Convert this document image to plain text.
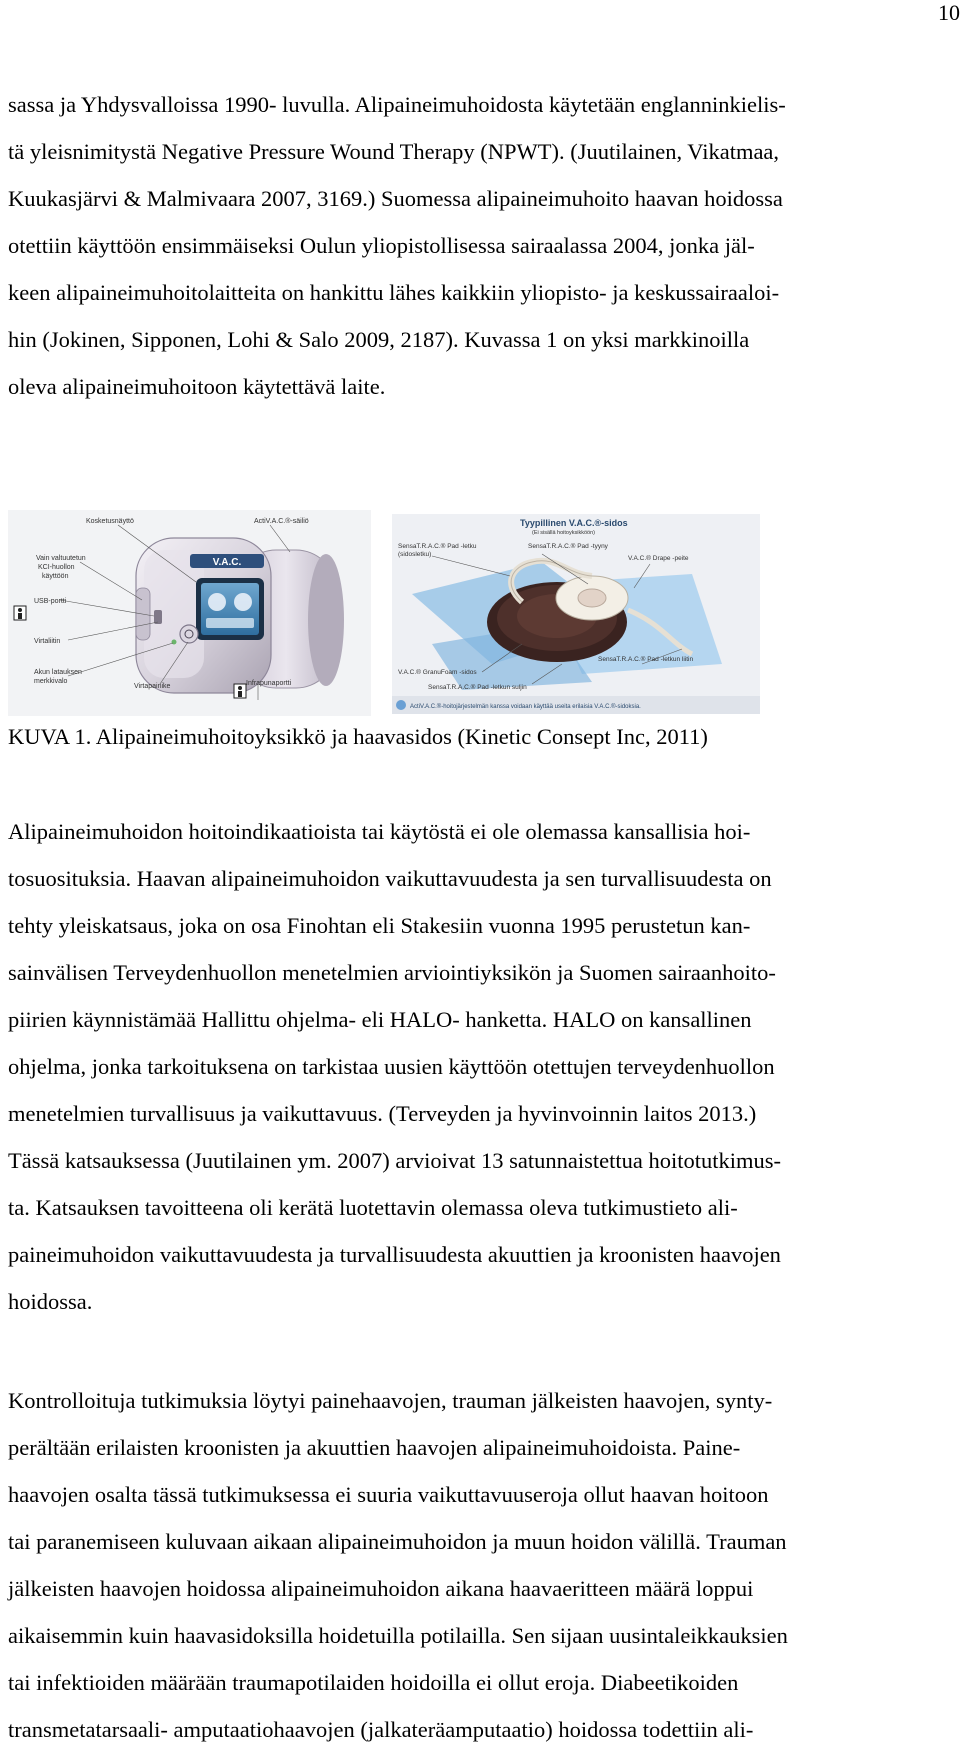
10

sassa ja Yhdysvalloissa 1990- luvulla. Alipaineimuhoidosta käytetään englanninkielis-
tä yleisnimitystä Negative Pressure Wound Therapy (NPWT). (Juutilainen, Vikatmaa,
Kuukasjärvi & Malmivaara 2007, 3169.) Suomessa alipaineimuhoito haavan hoidossa
otettiin käyttöön ensimmäiseksi Oulun yliopistollisessa sairaalassa 2004, jonka jäl-
keen alipaineimuhoitolaitteita on hankittu lähes kaikkiin yliopisto- ja keskussairaaloi-
hin (Jokinen, Sipponen, Lohi & Salo 2009, 2187). Kuvassa 1 on yksi markkinoilla
oleva alipaineimuhoitoon käytettävä laite.

V.A.C.
Kosketusnäyttö	ActiV.A.C.®-säiliö
Vain valtuutetun
KCI-huollon
käyttöön
USB-portti
Virtaliitin
Akun latauksen
merkkivalo
Virtapainike	Infrapunaportti
Tyypillinen V.A.C.®-sidos
(Ei sisällä hoitoyksikköön)
SensaT.R.A.C.® Pad -letku
(sidosletku)
SensaT.R.A.C.® Pad -tyyny
V.A.C.® Drape -peite
SensaT.R.A.C.® Pad -letkun liitin
V.A.C.® GranuFoam -sidos
SensaT.R.A.C.® Pad -letkun suljin
ActiV.A.C.®-hoitojärjestelmän kanssa voidaan käyttää useita erilaisia V.A.C.®-sidoksia.
KUVA 1. Alipaineimuhoitoyksikkö ja haavasidos (Kinetic Consept Inc, 2011)

Alipaineimuhoidon hoitoindikaatioista tai käytöstä ei ole olemassa kansallisia hoi-
tosuosituksia. Haavan alipaineimuhoidon vaikuttavuudesta ja sen turvallisuudesta on
tehty yleiskatsaus, joka on osa Finohtan eli Stakesiin vuonna 1995 perustetun kan-
sainvälisen Terveydenhuollon menetelmien arviointiyksikön ja Suomen sairaanhoito-
piirien käynnistämää Hallittu ohjelma- eli HALO- hanketta. HALO on kansallinen
ohjelma, jonka tarkoituksena on tarkistaa uusien käyttöön otettujen terveydenhuollon
menetelmien turvallisuus ja vaikuttavuus. (Terveyden ja hyvinvoinnin laitos 2013.)
Tässä katsauksessa (Juutilainen ym. 2007) arvioivat 13 satunnaistettua hoitotutkimus-
ta. Katsauksen tavoitteena oli kerätä luotettavin olemassa oleva tutkimustieto ali-
paineimuhoidon vaikuttavuudesta ja turvallisuudesta akuuttien ja kroonisten haavojen
hoidossa.

Kontrolloituja tutkimuksia löytyi painehaavojen, trauman jälkeisten haavojen, synty-
perältään erilaisten kroonisten ja akuuttien haavojen alipaineimuhoidoista. Paine-
haavojen osalta tässä tutkimuksessa ei suuria vaikuttavuuseroja ollut haavan hoitoon
tai paranemiseen kuluvaan aikaan alipaineimuhoidon ja muun hoidon välillä. Trauman
jälkeisten haavojen hoidossa alipaineimuhoidon aikana haavaeritteen määrä loppui
aikaisemmin kuin haavasidoksilla hoidetuilla potilailla. Sen sijaan uusintaleikkauksien
tai infektioiden määrään traumapotilaiden hoidoilla ei ollut eroja. Diabeetikoiden
transmetatarsaali- amputaatiohaavojen (jalkateräamputaatio) hoidossa todettiin ali-
